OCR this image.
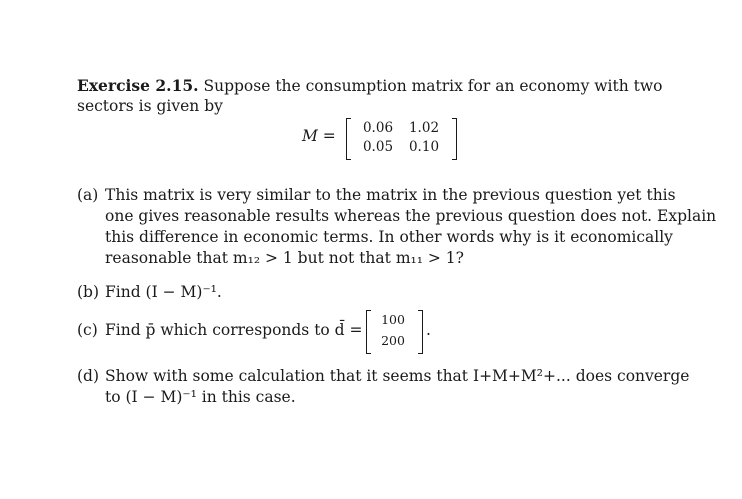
Exercise 2.15. Suppose the consumption matrix for an economy with two
sectors is given by
M =	0.06	1.02
0.05	0.10
(a) This matrix is very similar to the matrix in the previous question yet this
one gives reasonable results whereas the previous question does not. Explain
this difference in economic terms. In other words why is it economically
reasonable that m₁₂ > 1 but not that m₁₁ > 1?
(b) Find (I − M)⁻¹.
(c) Find p̄ which corresponds to d̄ =
100
200
.
(d) Show with some calculation that it seems that I+M+M²+... does converge
to (I − M)⁻¹ in this case.
